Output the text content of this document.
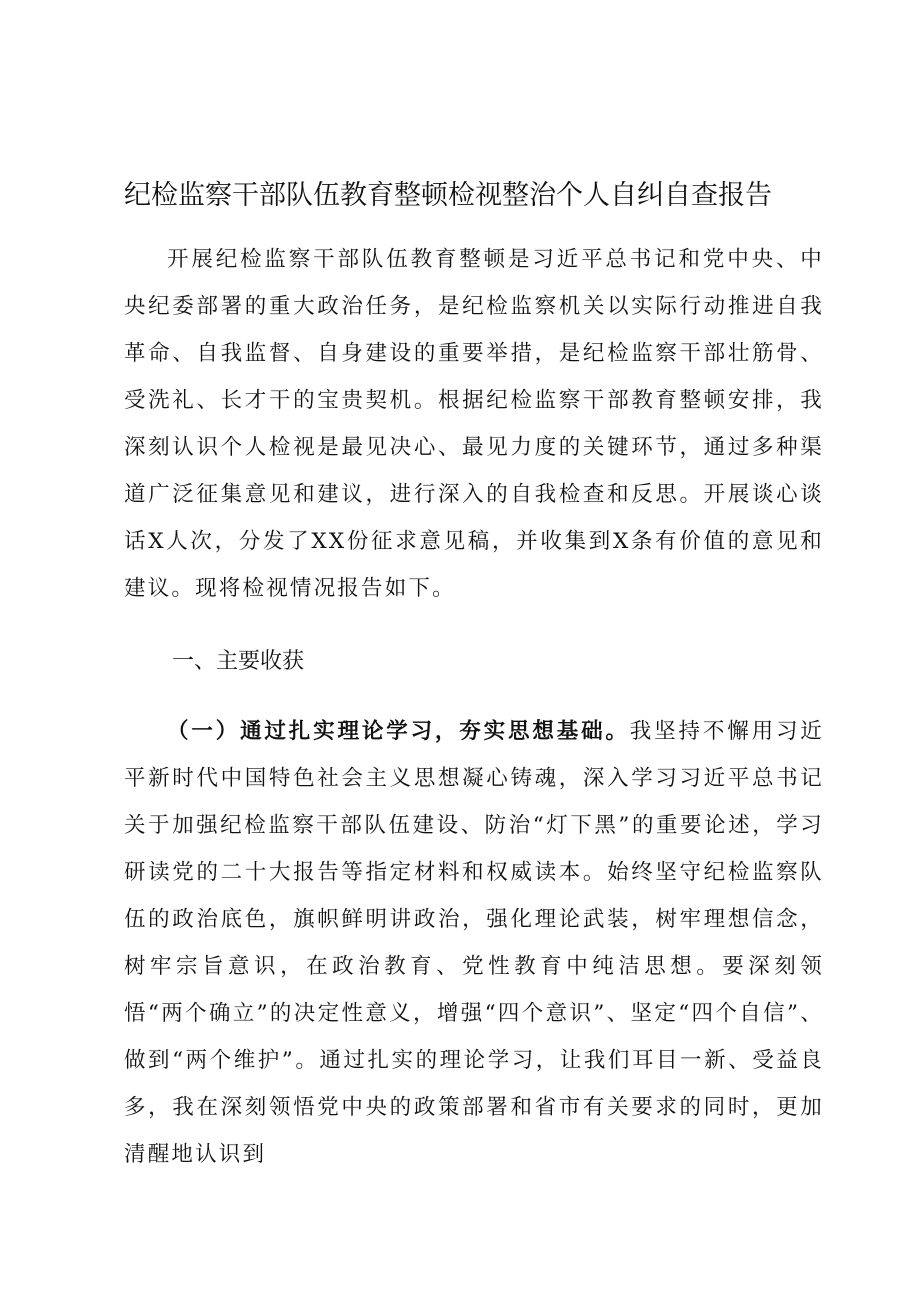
纪检监察干部队伍教育整顿检视整治个人自纠自查报告

开展纪检监察干部队伍教育整顿是习近平总书记和党中央、中央纪委部署的重大政治任务，是纪检监察机关以实际行动推进自我革命、自我监督、自身建设的重要举措，是纪检监察干部壮筋骨、受洗礼、长才干的宝贵契机。根据纪检监察干部教育整顿安排，我深刻认识个人检视是最见决心、最见力度的关键环节，通过多种渠道广泛征集意见和建议，进行深入的自我检查和反思。开展谈心谈话X人次，分发了XX份征求意见稿，并收集到X条有价值的意见和建议。现将检视情况报告如下。

一、主要收获

（一）通过扎实理论学习，夯实思想基础。我坚持不懈用习近平新时代中国特色社会主义思想凝心铸魂，深入学习习近平总书记关于加强纪检监察干部队伍建设、防治“灯下黑”的重要论述，学习研读党的二十大报告等指定材料和权威读本。始终坚守纪检监察队伍的政治底色，旗帜鲜明讲政治，强化理论武装，树牢理想信念，树牢宗旨意识，在政治教育、党性教育中纯洁思想。要深刻领悟“两个确立”的决定性意义，增强“四个意识”、坚定“四个自信”、做到“两个维护”。通过扎实的理论学习，让我们耳目一新、受益良多，我在深刻领悟党中央的政策部署和省市有关要求的同时，更加清醒地认识到
